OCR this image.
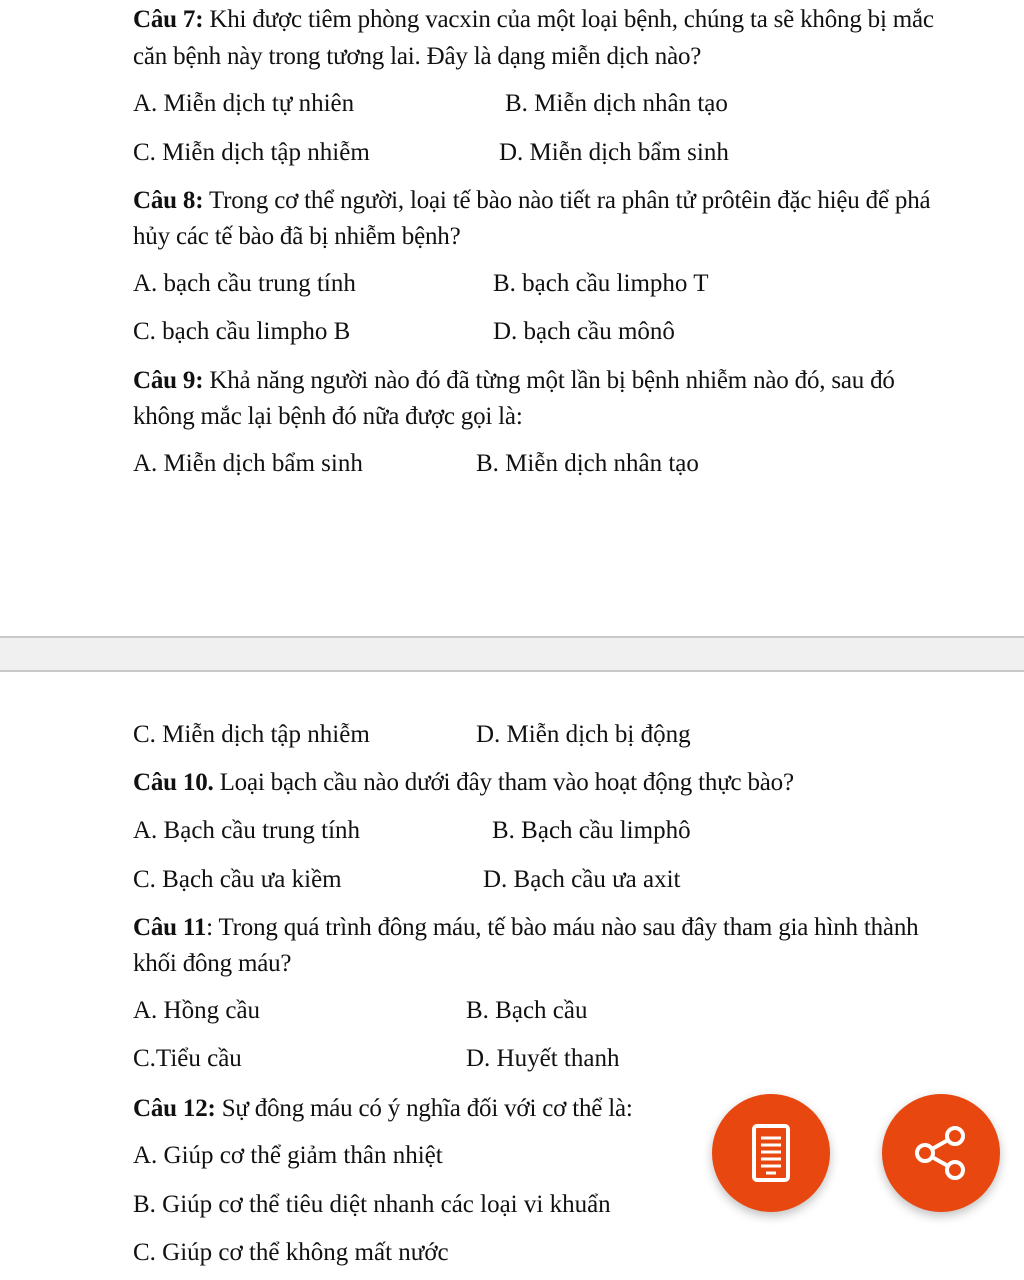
Câu 7: Khi được tiêm phòng vacxin của một loại bệnh, chúng ta sẽ không bị mắc
căn bệnh này trong tương lai. Đây là dạng miễn dịch nào?
A. Miễn dịch tự nhiên	B. Miễn dịch nhân tạo
C. Miễn dịch tập nhiễm	D. Miễn dịch bẩm sinh
Câu 8: Trong cơ thể người, loại tế bào nào tiết ra phân tử prôtêin đặc hiệu để phá
hủy các tế bào đã bị nhiễm bệnh?
A. bạch cầu trung tính	B. bạch cầu limpho T
C. bạch cầu limpho B	D. bạch cầu mônô
Câu 9: Khả năng người nào đó đã từng một lần bị bệnh nhiễm nào đó, sau đó
không mắc lại bệnh đó nữa được gọi là:
A. Miễn dịch bẩm sinh	B. Miễn dịch nhân tạo
C. Miễn dịch tập nhiễm	D. Miễn dịch bị động
Câu 10. Loại bạch cầu nào dưới đây tham vào hoạt động thực bào?
A. Bạch cầu trung tính	B. Bạch cầu limphô
C. Bạch cầu ưa kiềm	D. Bạch cầu ưa axit
Câu 11: Trong quá trình đông máu, tế bào máu nào sau đây tham gia hình thành
khối đông máu?
A. Hồng cầu	B. Bạch cầu
C.Tiểu cầu	D. Huyết thanh
Câu 12: Sự đông máu có ý nghĩa đối với cơ thể là:
A. Giúp cơ thể giảm thân nhiệt
B. Giúp cơ thể tiêu diệt nhanh các loại vi khuẩn
C. Giúp cơ thể không mất nước
